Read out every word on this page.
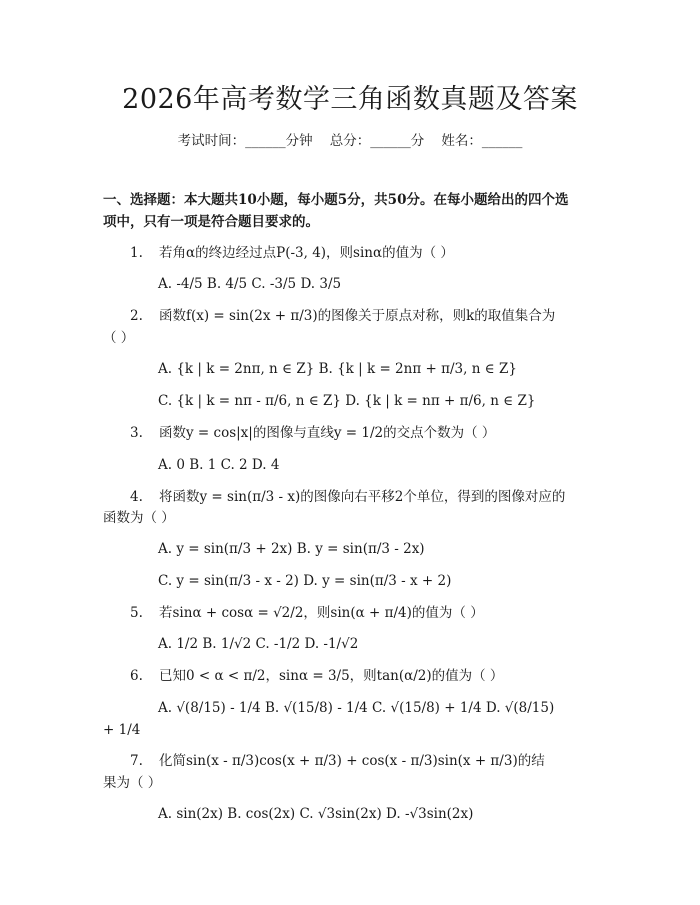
2026年高考数学三角函数真题及答案
考试时间：______分钟    总分：______分    姓名：______
一、选择题：本大题共10小题，每小题5分，共50分。在每小题给出的四个选
项中，只有一项是符合题目要求的。
1. 若角α的终边经过点P(-3, 4)，则sinα的值为（ ）
A. -4/5 B. 4/5 C. -3/5 D. 3/5
2. 函数f(x) = sin(2x + π/3)的图像关于原点对称，则k的取值集合为
（ ）
A. {k | k = 2nπ, n ∈ Z} B. {k | k = 2nπ + π/3, n ∈ Z}
C. {k | k = nπ - π/6, n ∈ Z} D. {k | k = nπ + π/6, n ∈ Z}
3. 函数y = cos|x|的图像与直线y = 1/2的交点个数为（ ）
A. 0 B. 1 C. 2 D. 4
4. 将函数y = sin(π/3 - x)的图像向右平移2个单位，得到的图像对应的
函数为（ ）
A. y = sin(π/3 + 2x) B. y = sin(π/3 - 2x)
C. y = sin(π/3 - x - 2) D. y = sin(π/3 - x + 2)
5. 若sinα + cosα = √2/2，则sin(α + π/4)的值为（ ）
A. 1/2 B. 1/√2 C. -1/2 D. -1/√2
6. 已知0 < α < π/2，sinα = 3/5，则tan(α/2)的值为（ ）
A. √(8/15) - 1/4 B. √(15/8) - 1/4 C. √(15/8) + 1/4 D. √(8/15)
+ 1/4
7. 化简sin(x - π/3)cos(x + π/3) + cos(x - π/3)sin(x + π/3)的结
果为（ ）
A. sin(2x) B. cos(2x) C. √3sin(2x) D. -√3sin(2x)
